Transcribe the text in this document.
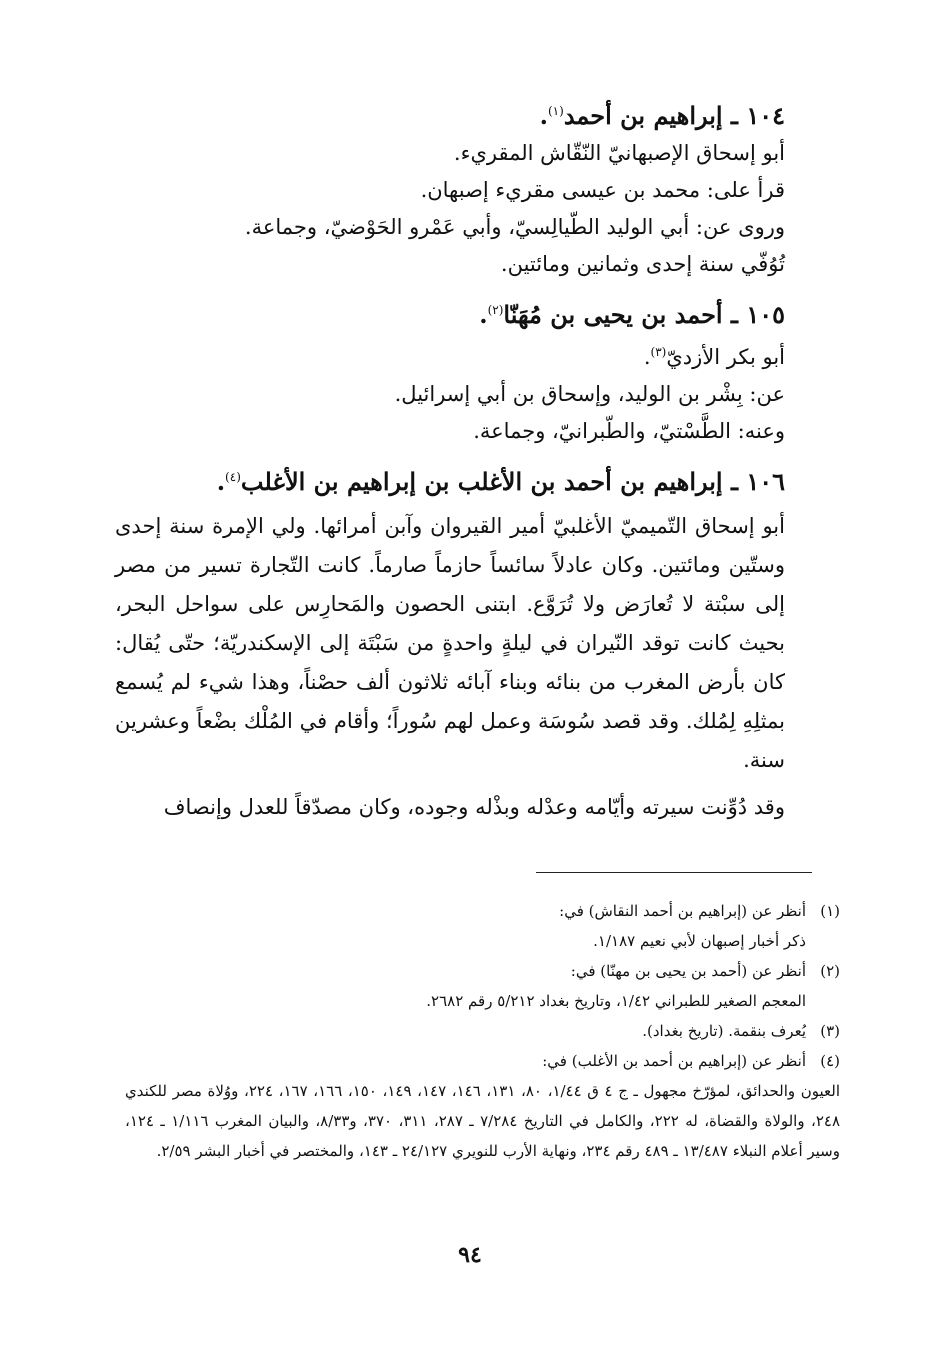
١٠٤ ـ إبراهيم بن أحمد$^{(١)}$.

أبو إسحاق الإصبهانيّ النّقّاش المقريء.

قرأ على: محمد بن عيسى مقريء إصبهان.

وروى عن: أبي الوليد الطّيالِسيّ، وأبي عَمْرو الحَوْضيّ، وجماعة.

تُوُفّي سنة إحدى وثمانين ومائتين.

١٠٥ ـ أحمد بن يحيى بن مُهَنّا$^{(٢)}$.

أبو بكر الأزديّ$^{(٣)}$.

عن: بِشْر بن الوليد، وإسحاق بن أبي إسرائيل.

وعنه: الطَّسْتيّ، والطّبرانيّ، وجماعة.

١٠٦ ـ إبراهيم بن أحمد بن الأغلب بن إبراهيم بن الأغلب$^{(٤)}$.

أبو إسحاق التّميميّ الأغلبيّ أمير القيروان وآبن أمرائها. ولي الإمرة سنة إحدى وستّين ومائتين. وكان عادلاً سائساً حازماً صارماً. كانت التّجارة تسير من مصر إلى سبْتة لا تُعارَض ولا تُرَوَّع. ابتنى الحصون والمَحارِس على سواحل البحر، بحيث كانت توقد النّيران في ليلةٍ واحدةٍ من سَبْتَة إلى الإسكندريّة؛ حتّى يُقال: كان بأرض المغرب من بنائه وبناء آبائه ثلاثون ألف حصْناً، وهذا شيء لم يُسمع بمثلِهِ لِمُلك. وقد قصد سُوسَة وعمل لهم سُوراً؛ وأقام في المُلْك بضْعاً وعشرين سنة.

وقد دُوِّنت سيرته وأيّامه وعدْله وبذْله وجوده، وكان مصدّقاً للعدل وإنصاف

(١)
أنظر عن (إبراهيم بن أحمد النقاش) في:
ذكر أخبار إصبهان لأبي نعيم ١/١٨٧.
(٢)
أنظر عن (أحمد بن يحيى بن مهنّا) في:
المعجم الصغير للطبراني ١/٤٢، وتاريخ بغداد ٥/٢١٢ رقم ٢٦٨٢.
(٣)
يُعرف بنقمة. (تاريخ بغداد).
(٤)
أنظر عن (إبراهيم بن أحمد بن الأغلب) في:
العيون والحدائق، لمؤرّخ مجهول ـ ج ٤ ق ١/٤٤، ٨٠، ١٣١، ١٤٦، ١٤٧، ١٤٩، ١٥٠، ١٦٦، ١٦٧، ٢٢٤، ووُلاة مصر للكندي ٢٤٨، والولاة والقضاة، له ٢٢٢، والكامل في التاريخ ٧/٢٨٤ ـ ٢٨٧، ٣١١، ٣٧٠، و٨/٣٣، والبيان المغرب ١/١١٦ ـ ١٢٤، وسير أعلام النبلاء ١٣/٤٨٧ ـ ٤٨٩ رقم ٢٣٤، ونهاية الأرب للنويري ٢٤/١٢٧ ـ ١٤٣، والمختصر في أخبار البشر ٢/٥٩.
٩٤
